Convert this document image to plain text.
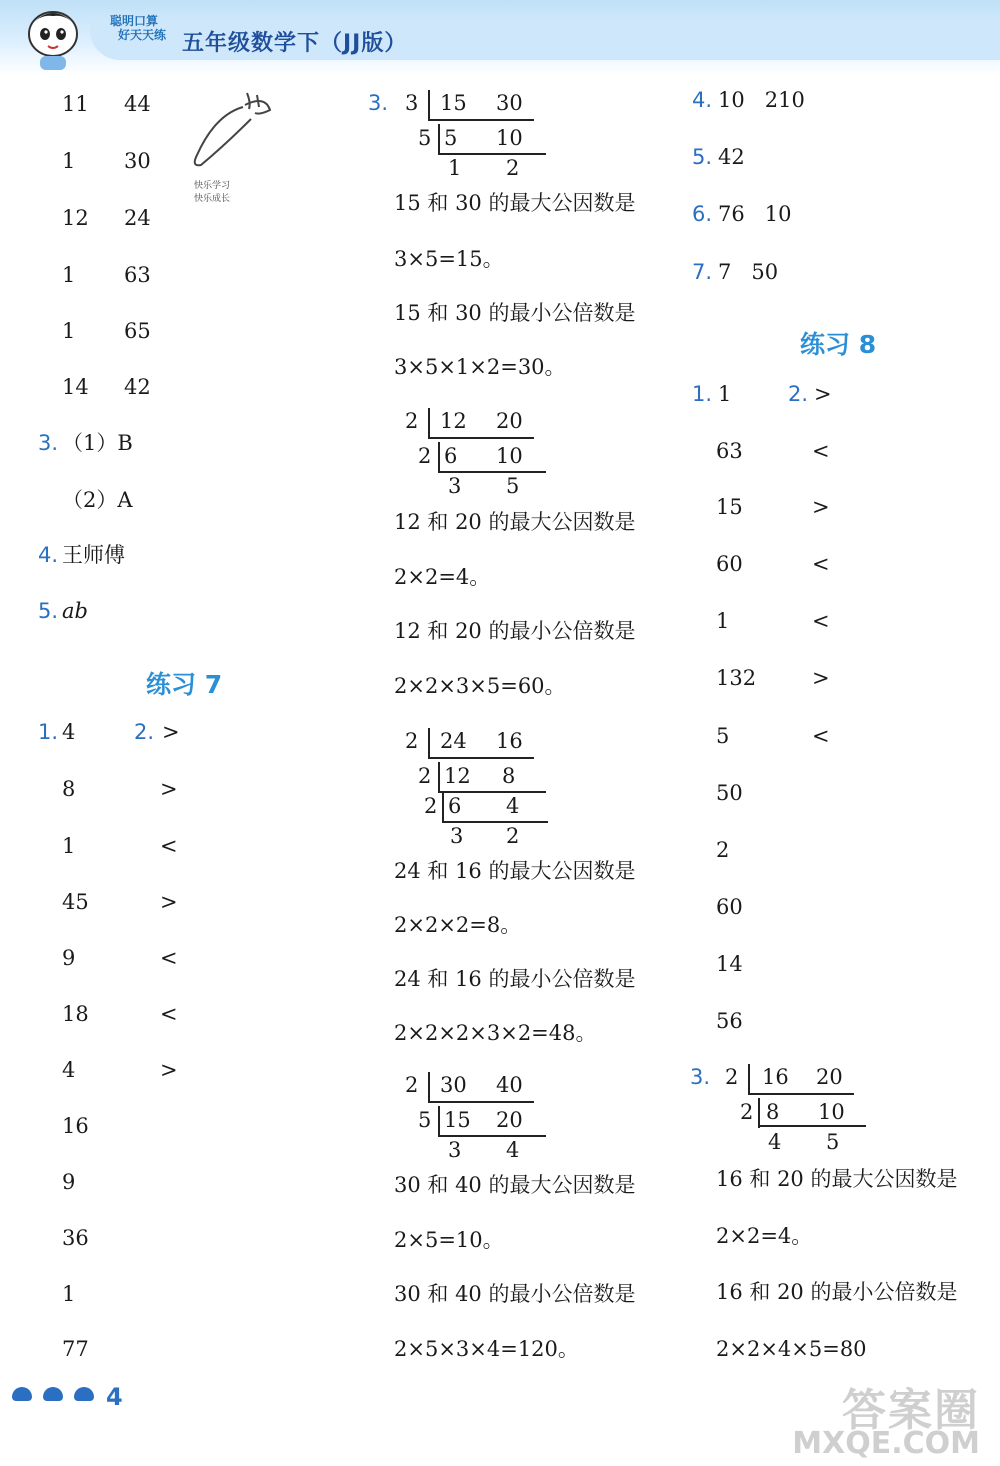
聪明口算
好天天练 五年级数学下（JJ版）
11 44
1 30
12 24
1 63
1 65
14 42
快乐学习
快乐成长
3. （1）B
（2）A
4. 王师傅
5. ab
练习 7
1. 4	2. >
8	>
1	<
45	>
9	<
18	<
4	>
16
9
36
1
77
3. 3 15 30
5 5 10
1 2
15 和 30 的最大公因数是
3×5=15。
15 和 30 的最小公倍数是
3×5×1×2=30。
2 12 20
2 6 10
3 5
12 和 20 的最大公因数是
2×2=4。
12 和 20 的最小公倍数是
2×2×3×5=60。
2 24 16
2 12 8
2 6 4
3 2
24 和 16 的最大公因数是
2×2×2=8。
24 和 16 的最小公倍数是
2×2×2×3×2=48。
2 30 40
5 15 20
3 4
30 和 40 的最大公因数是
2×5=10。
30 和 40 的最小公倍数是
2×5×3×4=120。
4. 10   210
5. 42
6. 76   10
7. 7   50
练习 8
1. 1	2. >
63	<
15	>
60	<
1	<
132	>
5	<
50
2
60
14
56
3. 2 16 20
2 8 10
4 5
16 和 20 的最大公因数是
2×2=4。
16 和 20 的最小公倍数是
2×2×4×5=80

4	答案圈
MXQE.COM
